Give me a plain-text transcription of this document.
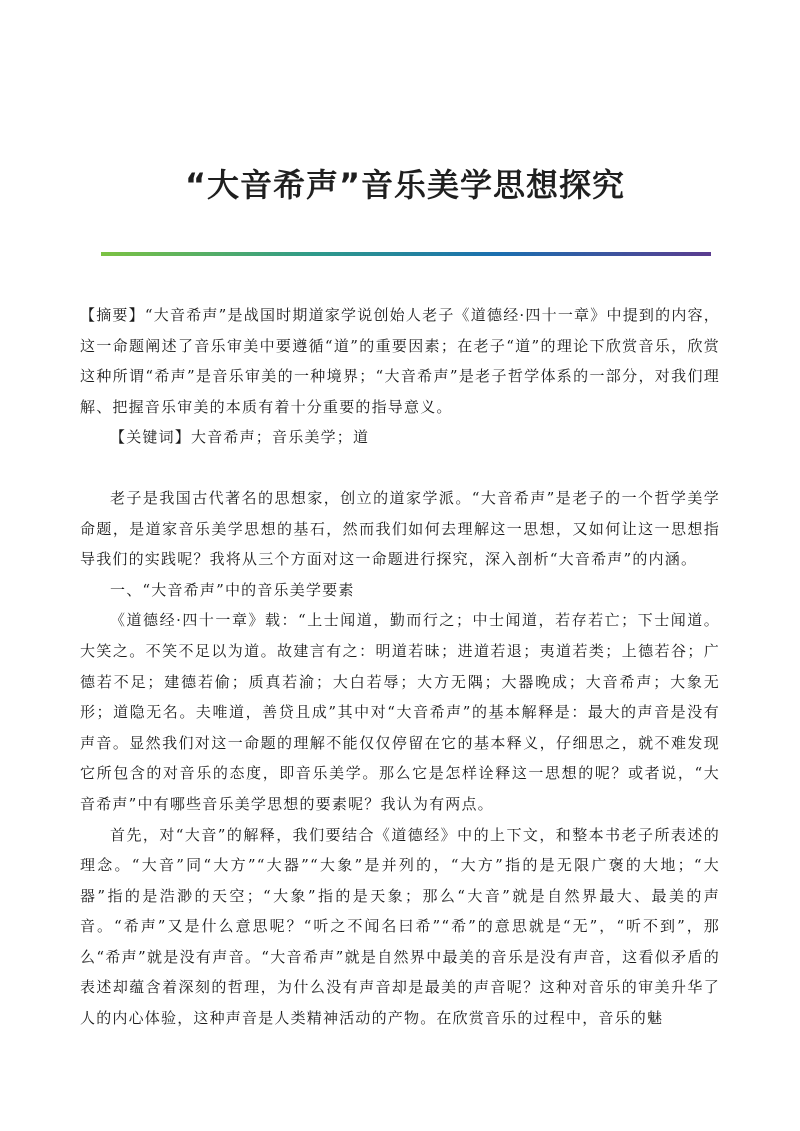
“大音希声”音乐美学思想探究

【摘要】“大音希声”是战国时期道家学说创始人老子《道德经·四十一章》中提到的内容，这一命题阐述了音乐审美中要遵循“道”的重要因素；在老子“道”的理论下欣赏音乐，欣赏这种所谓“希声”是音乐审美的一种境界；“大音希声”是老子哲学体系的一部分，对我们理解、把握音乐审美的本质有着十分重要的指导意义。

【关键词】大音希声；音乐美学；道

老子是我国古代著名的思想家，创立的道家学派。“大音希声”是老子的一个哲学美学命题，是道家音乐美学思想的基石，然而我们如何去理解这一思想，又如何让这一思想指导我们的实践呢？我将从三个方面对这一命题进行探究，深入剖析“大音希声”的内涵。

一、“大音希声”中的音乐美学要素

《道德经·四十一章》载：“上士闻道，勤而行之；中士闻道，若存若亡；下士闻道。大笑之。不笑不足以为道。故建言有之：明道若昧；进道若退；夷道若类；上德若谷；广德若不足；建德若偷；质真若渝；大白若辱；大方无隅；大器晚成；大音希声；大象无形；道隐无名。夫唯道，善贷且成”其中对“大音希声”的基本解释是：最大的声音是没有声音。显然我们对这一命题的理解不能仅仅停留在它的基本释义，仔细思之，就不难发现它所包含的对音乐的态度，即音乐美学。那么它是怎样诠释这一思想的呢？或者说，“大音希声”中有哪些音乐美学思想的要素呢？我认为有两点。

首先，对“大音”的解释，我们要结合《道德经》中的上下文，和整本书老子所表述的理念。“大音”同“大方”“大器”“大象”是并列的，“大方”指的是无限广褒的大地；“大器”指的是浩渺的天空；“大象”指的是天象；那么“大音”就是自然界最大、最美的声音。“希声”又是什么意思呢？“听之不闻名曰希”“希”的意思就是“无”，“听不到”，那么“希声”就是没有声音。“大音希声”就是自然界中最美的音乐是没有声音，这看似矛盾的表述却蕴含着深刻的哲理，为什么没有声音却是最美的声音呢？这种对音乐的审美升华了人的内心体验，这种声音是人类精神活动的产物。在欣赏音乐的过程中，音乐的魅
